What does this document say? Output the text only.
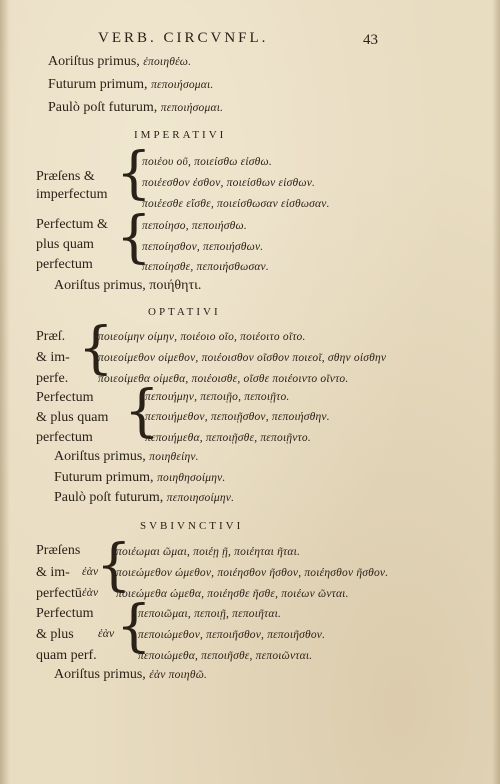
VERB. CIRCVNFL.	43
Aoriſtus primus, ἐποιηθέω.
Futurum primum, πεποιήσομαι.
Paulò poſt futurum, πεποιήσομαι.
IMPERATIVI
Præſens &
imperfectum {
ποιέου οῦ, ποιείσθω εἰσθω.
ποιέεσθον ἐσθον, ποιείσθων εἰσθων.
ποιέεσθε εἴσθε, ποιείσθωσαν εἰσθωσαν.
Perfectum &
plus quam
perfectum {
πεποίησο, πεποιήσθω.
πεποίησθον, πεποιήσθων.
πεποίησθε, πεποιήσθωσαν.
Aoriſtus primus, ποιήθητι.
OPTATIVI
Præſ.
& im-
perfe. {
ποιεοίμην οίμην, ποιέοιο οῖο, ποιέοιτο οῖτο.
ποιεοίμεθον οίμεθον, ποιέοισθον οῖσθον ποιεοῖ, σθην οἰσθην
ποιεοίμεθα οίμεθα, ποιέοισθε, οῖσθε ποιέοιντο οῖντο.
Perfectum
& plus quam
perfectum {
πεποιήμην, πεποιῇο, πεποιῇτο.
πεποιήμεθον, πεποιῇσθον, πεποιήσθην.
πεποιήμεθα, πεποιῇσθε, πεποιῇντο.
Aoriſtus primus, ποιηθείην.
Futurum primum, ποιηθησοίμην.
Paulò poſt futurum, πεποιησοίμην.
SVBIVNCTIVI
Præſens
& im- ἐὰν
perfectū ἐὰν
{
ποιέωμαι ῶμαι, ποιέῃ ῇ, ποιέηται ῆται.
ποιεώμεθον ώμεθον, ποιέησθον ῆσθον, ποιέησθον ῆσθον.
ποιεώμεθα ώμεθα, ποιέησθε ῆσθε, ποιέων ῶνται.
Perfectum
& plus ἐὰν
quam perf. {
πεποιῶμαι, πεποιῇ, πεποιῆται.
πεποιώμεθον, πεποιῆσθον, πεποιῆσθον.
πεποιώμεθα, πεποιῆσθε, πεποιῶνται.
Aoriſtus primus, ἐὰν ποιηθῶ.
